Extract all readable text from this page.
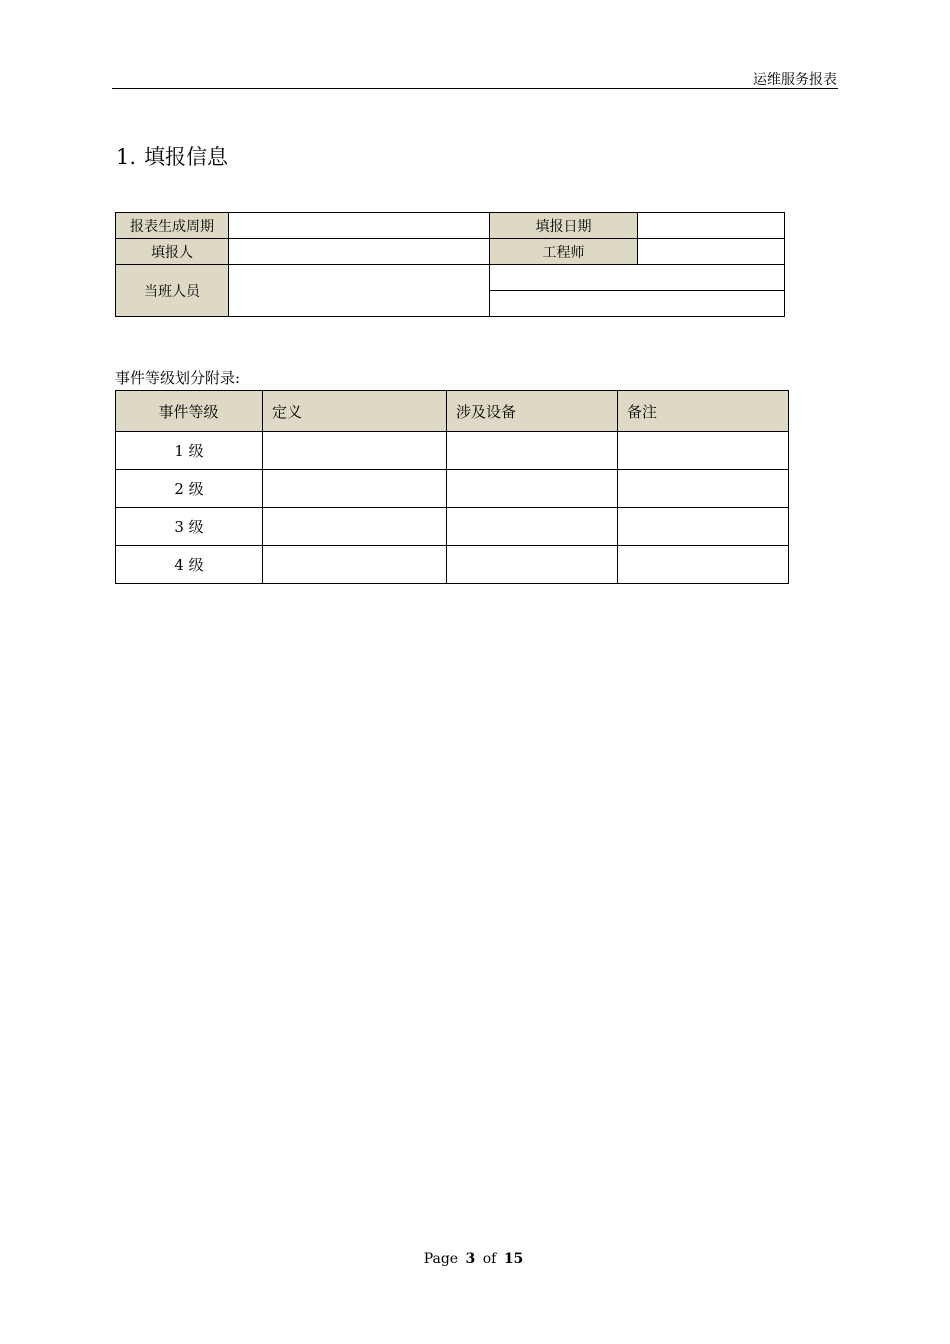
运维服务报表
1. 填报信息
报表生成周期		填报日期	
填报人		工程师	
当班人员			

事件等级划分附录:
事件等级	定义	涉及设备	备注
1 级			
2 级			
3 级			
4 级			
Page 3 of 15
